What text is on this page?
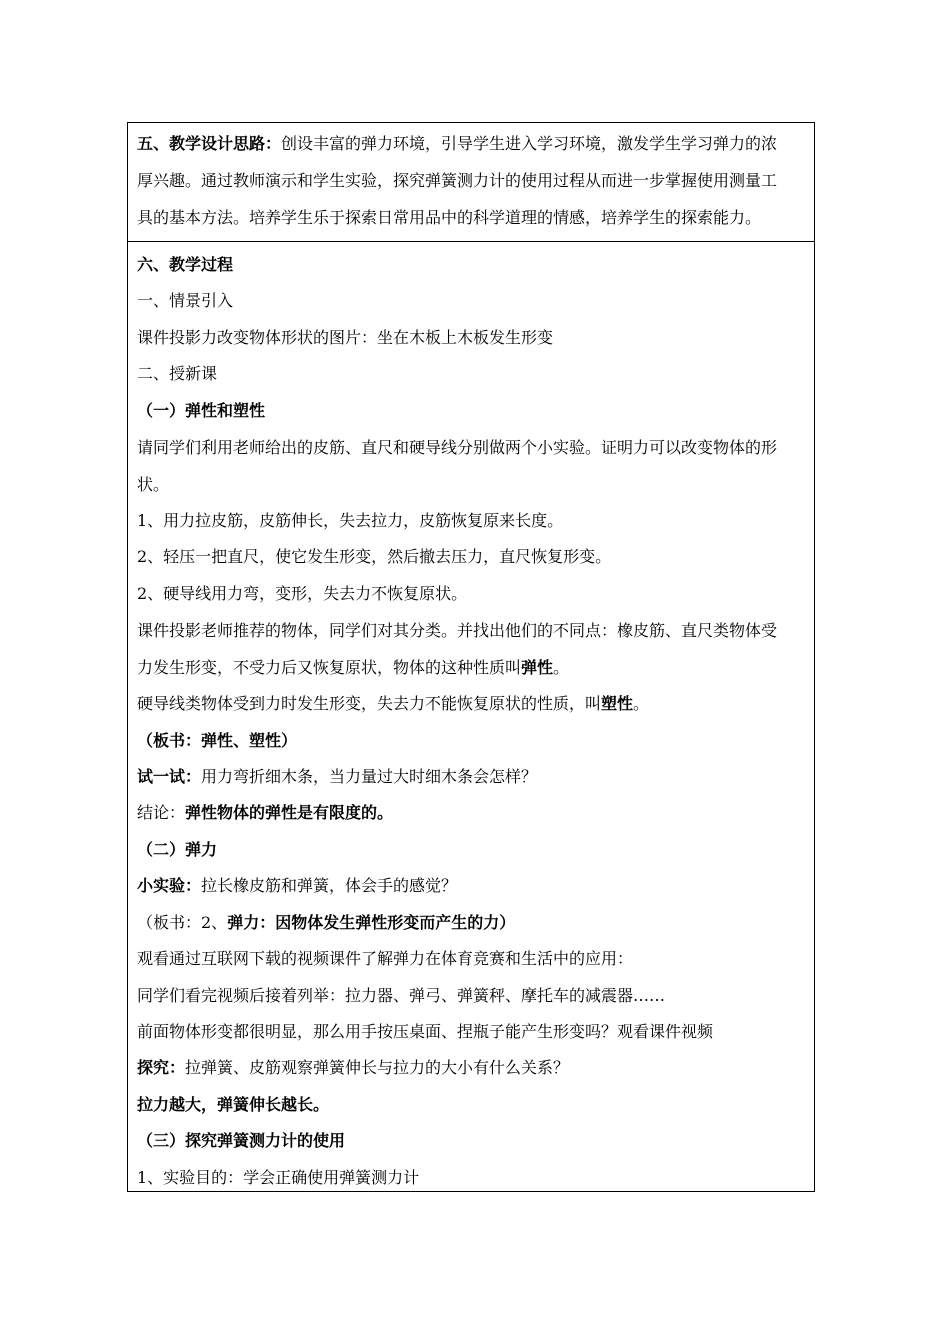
五、教学设计思路：创设丰富的弹力环境，引导学生进入学习环境，激发学生学习弹力的浓

厚兴趣。通过教师演示和学生实验，探究弹簧测力计的使用过程从而进一步掌握使用测量工

具的基本方法。培养学生乐于探索日常用品中的科学道理的情感，培养学生的探索能力。

六、教学过程

一、情景引入

课件投影力改变物体形状的图片：坐在木板上木板发生形变

二、授新课

（一）弹性和塑性

请同学们利用老师给出的皮筋、直尺和硬导线分别做两个小实验。证明力可以改变物体的形

状。

1、用力拉皮筋，皮筋伸长，失去拉力，皮筋恢复原来长度。

2、轻压一把直尺，使它发生形变，然后撤去压力，直尺恢复形变。

2、硬导线用力弯，变形，失去力不恢复原状。

课件投影老师推荐的物体，同学们对其分类。并找出他们的不同点：橡皮筋、直尺类物体受

力发生形变，不受力后又恢复原状，物体的这种性质叫弹性。

硬导线类物体受到力时发生形变，失去力不能恢复原状的性质，叫塑性。

（板书：弹性、塑性）

试一试：用力弯折细木条，当力量过大时细木条会怎样？

结论：弹性物体的弹性是有限度的。

（二）弹力

小实验：拉长橡皮筋和弹簧，体会手的感觉？

（板书：2、弹力：因物体发生弹性形变而产生的力）

观看通过互联网下载的视频课件了解弹力在体育竞赛和生活中的应用：

同学们看完视频后接着列举：拉力器、弹弓、弹簧秤、摩托车的减震器……

前面物体形变都很明显，那么用手按压桌面、捏瓶子能产生形变吗？观看课件视频

探究：拉弹簧、皮筋观察弹簧伸长与拉力的大小有什么关系？

拉力越大，弹簧伸长越长。

（三）探究弹簧测力计的使用

1、实验目的：学会正确使用弹簧测力计
